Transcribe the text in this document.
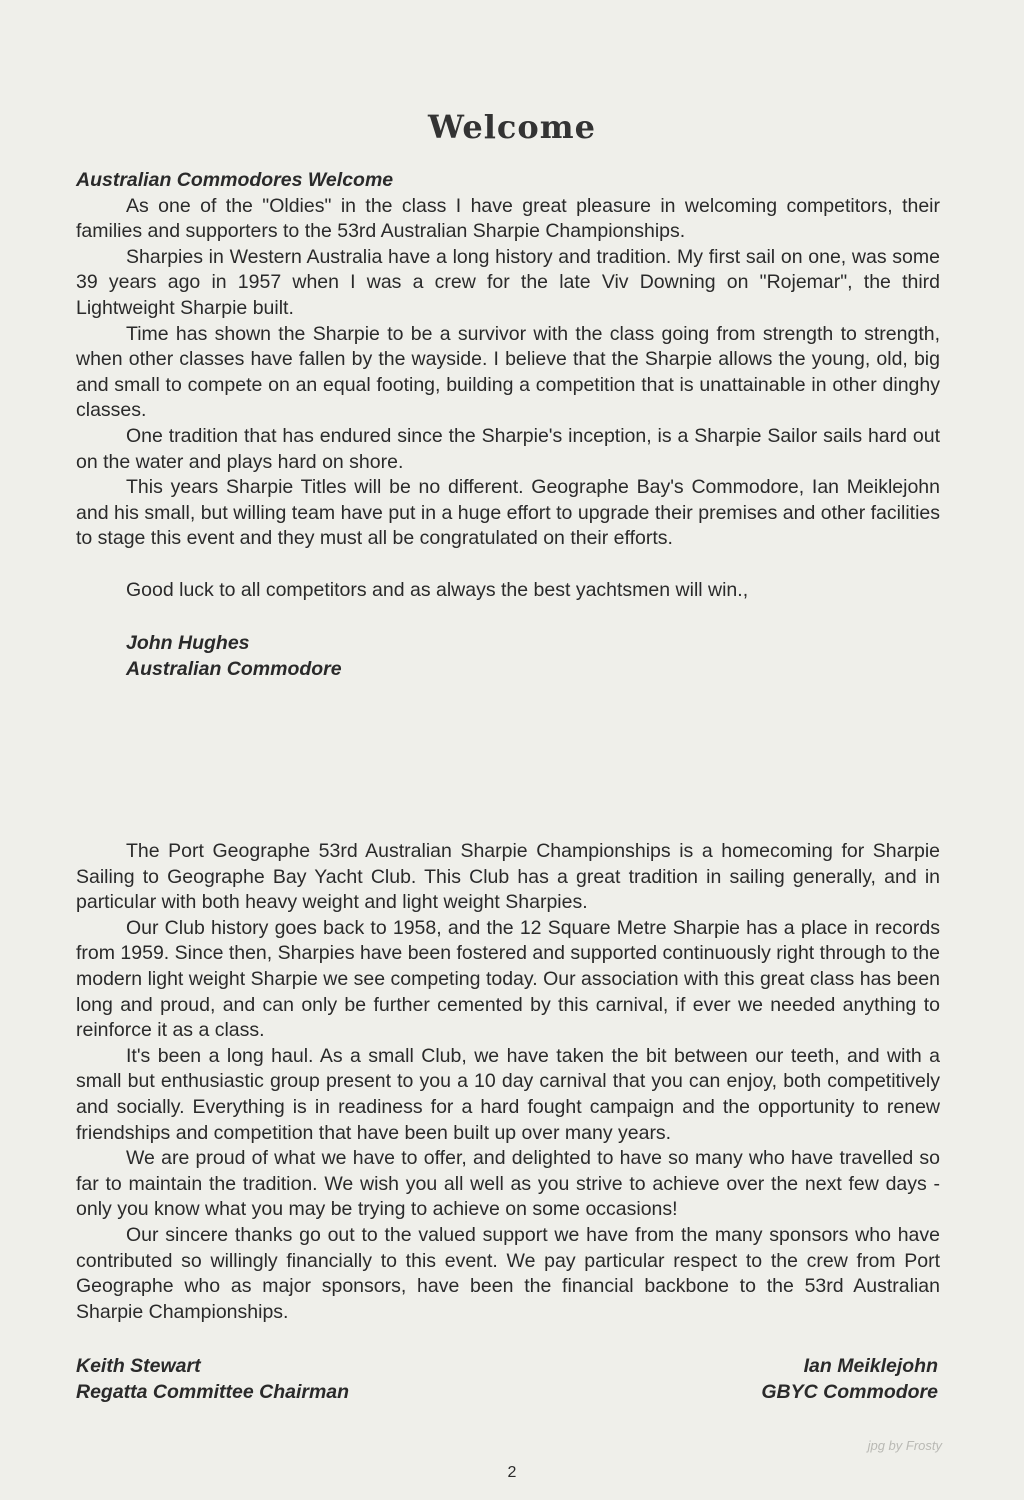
Welcome

Australian Commodores Welcome

As one of the "Oldies" in the class I have great pleasure in welcoming competitors, their families and supporters to the 53rd Australian Sharpie Championships.

Sharpies in Western Australia have a long history and tradition. My first sail on one, was some 39 years ago in 1957 when I was a crew for the late Viv Downing on "Rojemar", the third Lightweight Sharpie built.

Time has shown the Sharpie to be a survivor with the class going from strength to strength, when other classes have fallen by the wayside. I believe that the Sharpie allows the young, old, big and small to compete on an equal footing, building a competition that is unattainable in other dinghy classes.

One tradition that has endured since the Sharpie's inception, is a Sharpie Sailor sails hard out on the water and plays hard on shore.

This years Sharpie Titles will be no different. Geographe Bay's Commodore, Ian Meiklejohn and his small, but willing team have put in a huge effort to upgrade their premises and other facilities to stage this event and they must all be congratulated on their efforts.

Good luck to all competitors and as always the best yachtsmen will win.,

John Hughes
Australian Commodore

The Port Geographe 53rd Australian Sharpie Championships is a homecoming for Sharpie Sailing to Geographe Bay Yacht Club. This Club has a great tradition in sailing generally, and in particular with both heavy weight and light weight Sharpies.

Our Club history goes back to 1958, and the 12 Square Metre Sharpie has a place in records from 1959. Since then, Sharpies have been fostered and supported continuously right through to the modern light weight Sharpie we see competing today. Our association with this great class has been long and proud, and can only be further cemented by this carnival, if ever we needed anything to reinforce it as a class.

It's been a long haul. As a small Club, we have taken the bit between our teeth, and with a small but enthusiastic group present to you a 10 day carnival that you can enjoy, both competitively and socially. Everything is in readiness for a hard fought campaign and the opportunity to renew friendships and competition that have been built up over many years.

We are proud of what we have to offer, and delighted to have so many who have travelled so far to maintain the tradition. We wish you all well as you strive to achieve over the next few days - only you know what you may be trying to achieve on some occasions!

Our sincere thanks go out to the valued support we have from the many sponsors who have contributed so willingly financially to this event. We pay particular respect to the crew from Port Geographe who as major sponsors, have been the financial backbone to the 53rd Australian Sharpie Championships.

Keith Stewart
Regatta Committee Chairman
Ian Meiklejohn
GBYC Commodore
jpg by Frosty
2
